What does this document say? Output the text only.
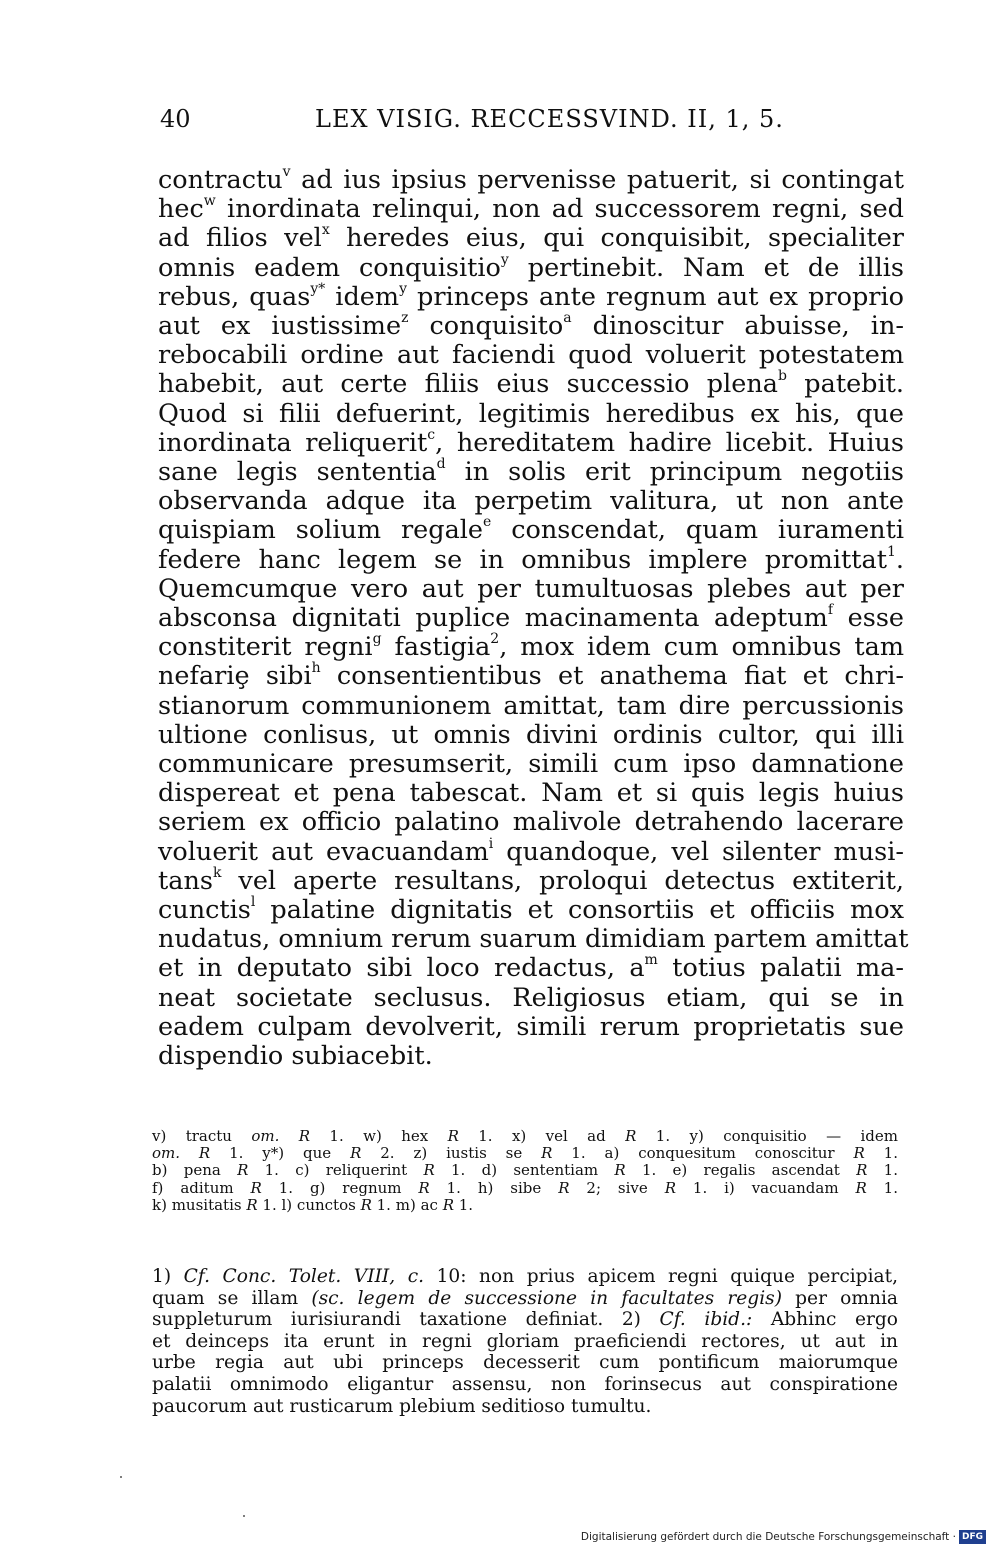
40	LEX VISIG. RECCESSVIND. II, 1, 5.
contractu$^v$ ad ius ipsius pervenisse patuerit, si contingat
hec$^w$ inordinata relinqui, non ad successorem regni, sed
ad filios vel$^x$ heredes eius, qui conquisibit, specialiter
omnis eadem conquisitio$^y$ pertinebit. Nam et de illis
rebus, quas$^{y*}$ idem$^y$ princeps ante regnum aut ex proprio
aut ex iustissime$^z$ conquisito$^a$ dinoscitur abuisse, in-
rebocabili ordine aut faciendi quod voluerit potestatem
habebit, aut certe filiis eius successio plena$^b$ patebit.
Quod si filii defuerint, legitimis heredibus ex his, que
inordinata reliquerit$^c$, hereditatem hadire licebit. Huius
sane legis sententia$^d$ in solis erit principum negotiis
observanda adque ita perpetim valitura, ut non ante
quispiam solium regale$^e$ conscendat, quam iuramenti
federe hanc legem se in omnibus implere promittat$^1$.
Quemcumque vero aut per tumultuosas plebes aut per
absconsa dignitati puplice macinamenta adeptum$^f$ esse
constiterit regni$^g$ fastigia$^2$, mox idem cum omnibus tam
nefariȩ sibi$^h$ consentientibus et anathema fiat et chri-
stianorum communionem amittat, tam dire percussionis
ultione conlisus, ut omnis divini ordinis cultor, qui illi
communicare presumserit, simili cum ipso damnatione
dispereat et pena tabescat. Nam et si quis legis huius
seriem ex officio palatino malivole detrahendo lacerare
voluerit aut evacuandam$^i$ quandoque, vel silenter musi-
tans$^k$ vel aperte resultans, proloqui detectus extiterit,
cunctis$^l$ palatine dignitatis et consortiis et officiis mox
nudatus, omnium rerum suarum dimidiam partem amittat
et in deputato sibi loco redactus, $a^m$ totius palatii ma-
neat societate seclusus. Religiosus etiam, qui se in
eadem culpam devolverit, simili rerum proprietatis sue
dispendio subiacebit.
v) tractu om. R 1. w) hex R 1. x) vel ad R 1. y) conquisitio — idem
om. R 1. y*) que R 2. z) iustis se R 1. a) conquesitum conoscitur R 1.
b) pena R 1. c) reliquerint R 1. d) sententiam R 1. e) regalis ascendat R 1.
f) aditum R 1. g) regnum R 1. h) sibe R 2; sive R 1. i) vacuandam R 1.
k) musitatis R 1. l) cunctos R 1. m) ac R 1.
1) Cf. Conc. Tolet. VIII, c. 10: non prius apicem regni quique percipiat,
quam se illam (sc. legem de successione in facultates regis) per omnia
suppleturum iurisiurandi taxatione definiat. 2) Cf. ibid.: Abhinc ergo
et deinceps ita erunt in regni gloriam praeficiendi rectores, ut aut in
urbe regia aut ubi princeps decesserit cum pontificum maiorumque
palatii omnimodo eligantur assensu, non forinsecus aut conspiratione
paucorum aut rusticarum plebium seditioso tumultu.
Digitalisierung gefördert durch die Deutsche Forschungsgemeinschaft · DFG
